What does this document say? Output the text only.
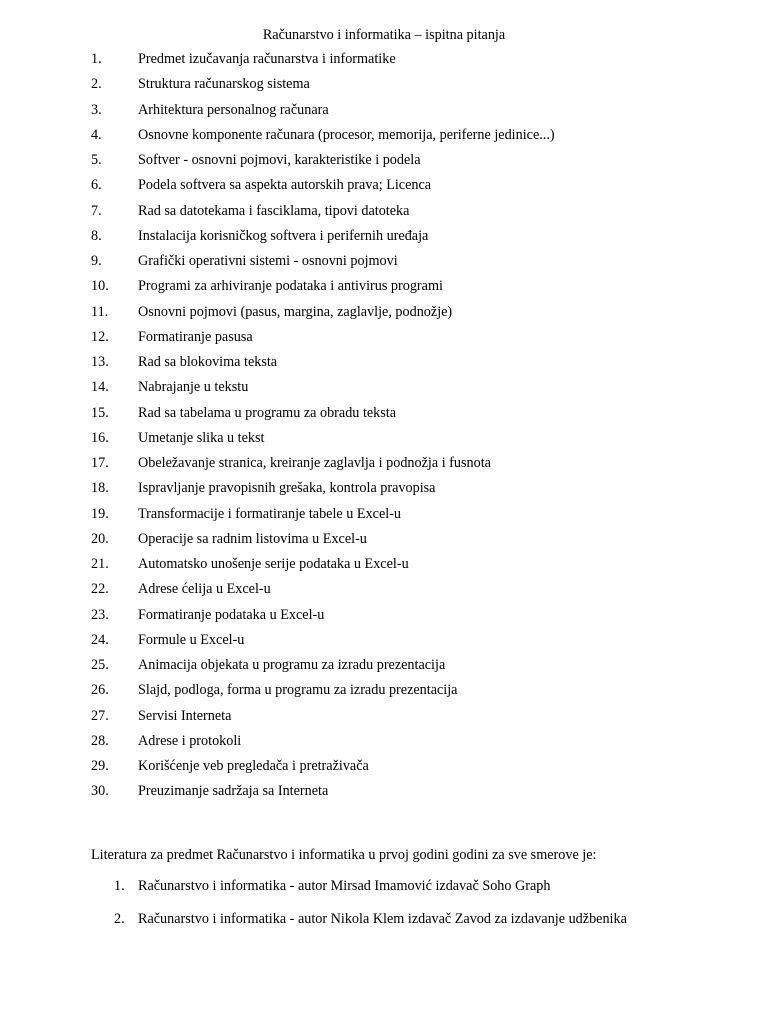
Računarstvo i informatika – ispitna pitanja
1.	Predmet izučavanja računarstva i informatike
2.	Struktura računarskog sistema
3.	Arhitektura personalnog računara
4.	Osnovne komponente računara (procesor, memorija, periferne jedinice...)
5.	Softver - osnovni pojmovi, karakteristike i podela
6.	Podela softvera sa aspekta autorskih prava; Licenca
7.	Rad sa datotekama i fasciklama, tipovi datoteka
8.	Instalacija korisničkog softvera i perifernih uređaja
9.	Grafički operativni sistemi - osnovni pojmovi
10. Programi za arhiviranje podataka i antivirus programi
11. Osnovni pojmovi (pasus, margina, zaglavlje, podnožje)
12. Formatiranje pasusa
13. Rad sa blokovima teksta
14. Nabrajanje u tekstu
15. Rad sa tabelama u programu za obradu teksta
16. Umetanje slika u tekst
17. Obeležavanje stranica, kreiranje zaglavlja i podnožja i fusnota
18. Ispravljanje pravopisnih grešaka, kontrola pravopisa
19. Transformacije i formatiranje tabele u Excel-u
20. Operacije sa radnim listovima u Excel-u
21. Automatsko unošenje serije podataka u Excel-u
22. Adrese ćelija u Excel-u
23. Formatiranje podataka u Excel-u
24. Formule u Excel-u
25. Animacija objekata u programu za izradu prezentacija
26. Slajd, podloga, forma u programu za izradu prezentacija
27. Servisi Interneta
28. Adrese i protokoli
29. Korišćenje veb pregledača i pretraživača
30. Preuzimanje sadržaja sa Interneta
Literatura za predmet Računarstvo i informatika u prvoj godini godini za sve smerove je:
1. Računarstvo i informatika - autor Mirsad Imamović izdavač Soho Graph
2. Računarstvo i informatika - autor Nikola Klem izdavač Zavod za izdavanje udžbenika
